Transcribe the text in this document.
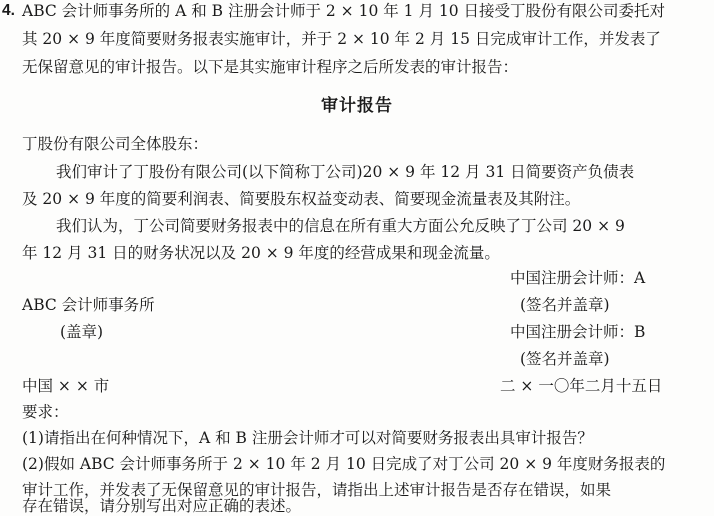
4. ABC 会计师事务所的 A 和 B 注册会计师于 2 × 10 年 1 月 10 日接受丁股份有限公司委托对
其 20 × 9 年度简要财务报表实施审计，并于 2 × 10 年 2 月 15 日完成审计工作，并发表了
无保留意见的审计报告。以下是其实施审计程序之后所发表的审计报告：
审计报告
丁股份有限公司全体股东：
我们审计了丁股份有限公司(以下简称丁公司)20 × 9 年 12 月 31 日简要资产负债表
及 20 × 9 年度的简要利润表、简要股东权益变动表、简要现金流量表及其附注。
我们认为，丁公司简要财务报表中的信息在所有重大方面公允反映了丁公司 20 × 9
年 12 月 31 日的财务状况以及 20 × 9 年度的经营成果和现金流量。
中国注册会计师：A
ABC 会计师事务所	(签名并盖章)
(盖章)	中国注册会计师：B
(签名并盖章)
中国 × × 市	二 × 一〇年二月十五日
要求：
(1)请指出在何种情况下，A 和 B 注册会计师才可以对简要财务报表出具审计报告？
(2)假如 ABC 会计师事务所于 2 × 10 年 2 月 10 日完成了对丁公司 20 × 9 年度财务报表的
审计工作，并发表了无保留意见的审计报告，请指出上述审计报告是否存在错误，如果
存在错误，请分别写出对应正确的表述。
